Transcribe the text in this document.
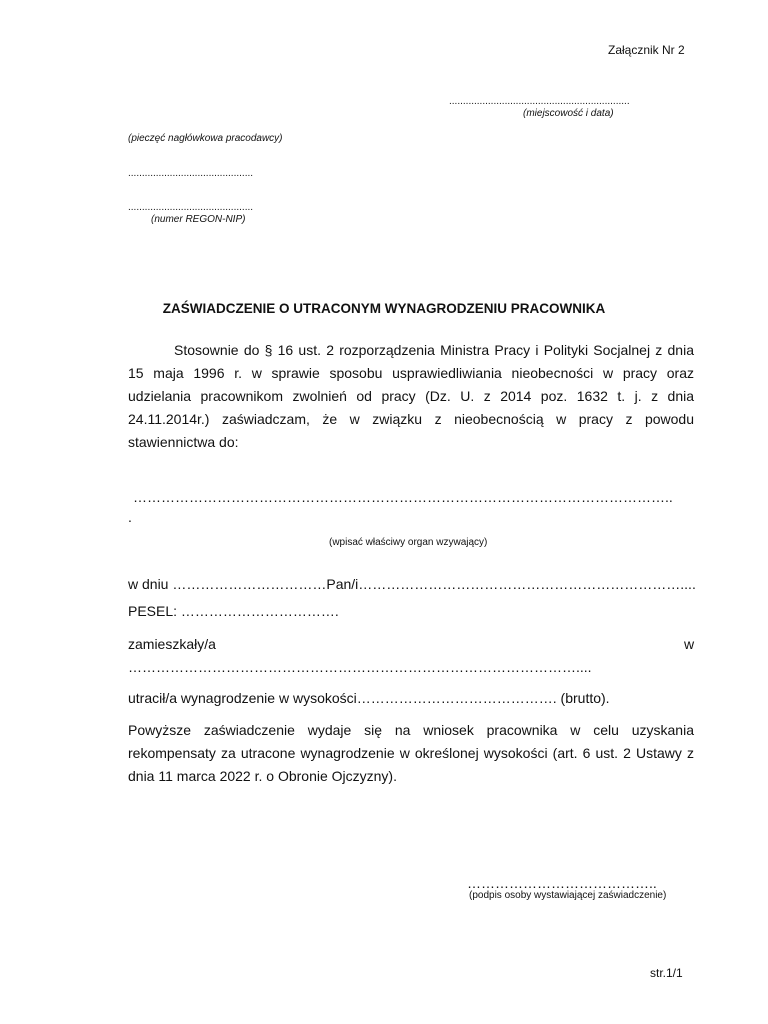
Załącznik Nr 2
.................................................................
(miejscowość i data)
(pieczęć nagłówkowa pracodawcy)
.............................................
.............................................
(numer REGON-NIP)
ZAŚWIADCZENIE O UTRACONYM WYNAGRODZENIU PRACOWNIKA
Stosownie do § 16 ust. 2 rozporządzenia Ministra Pracy i Polityki Socjalnej z dnia 15 maja 1996 r. w sprawie sposobu usprawiedliwiania nieobecności w pracy oraz udzielania pracownikom zwolnień od pracy (Dz. U. z 2014 poz. 1632 t. j. z dnia 24.11.2014r.) zaświadczam, że w związku z nieobecnością w pracy z powodu stawiennictwa do:
……………………………………………………………………………………………………..
.
(wpisać właściwy organ wzywający)
w dniu ……………………………Pan/i……………………………………………………………....
PESEL: …………………………….
zamieszkały/a	w
……………………………………………………………………………………....
utracił/a wynagrodzenie w wysokości……………………………………. (brutto).
Powyższe zaświadczenie wydaje się na wniosek pracownika w celu uzyskania rekompensaty za utracone wynagrodzenie w określonej wysokości (art. 6 ust. 2 Ustawy z dnia 11 marca 2022 r. o Obronie Ojczyzny).
…………………………………..
(podpis osoby wystawiającej zaświadczenie)
str.1/1
